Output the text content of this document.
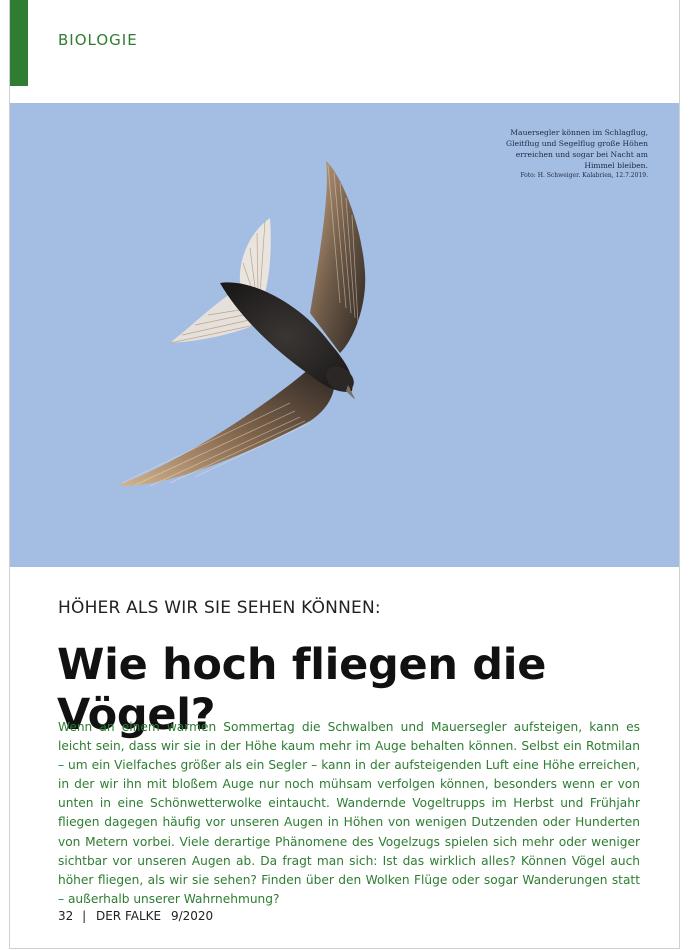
BIOLOGIE
Mauersegler können im Schlagflug, Gleitflug und Segelflug große Höhen erreichen und sogar bei Nacht am Himmel bleiben.
Foto: H. Schweiger. Kalabrien, 12.7.2019.
HÖHER ALS WIR SIE SEHEN KÖNNEN:
Wie hoch fliegen die Vögel?

Wenn an einem warmen Sommertag die Schwalben und Mauersegler aufsteigen, kann es leicht sein, dass wir sie in der Höhe kaum mehr im Auge behalten können. Selbst ein Rotmilan – um ein Vielfaches größer als ein Segler – kann in der aufsteigenden Luft eine Höhe erreichen, in der wir ihn mit bloßem Auge nur noch mühsam verfolgen können, besonders wenn er von unten in eine Schönwetterwolke eintaucht. Wandernde Vogeltrupps im Herbst und Frühjahr fliegen dagegen häufig vor unseren Augen in Höhen von wenigen Dutzenden oder Hunderten von Metern vorbei. Viele derartige Phänomene des Vogelzugs spielen sich mehr oder weniger sichtbar vor unseren Augen ab. Da fragt man sich: Ist das wirklich alles? Können Vögel auch höher fliegen, als wir sie sehen? Finden über den Wolken Flüge oder sogar Wanderungen statt – außerhalb unserer Wahrnehmung?

32 | DER FALKE 9/2020
